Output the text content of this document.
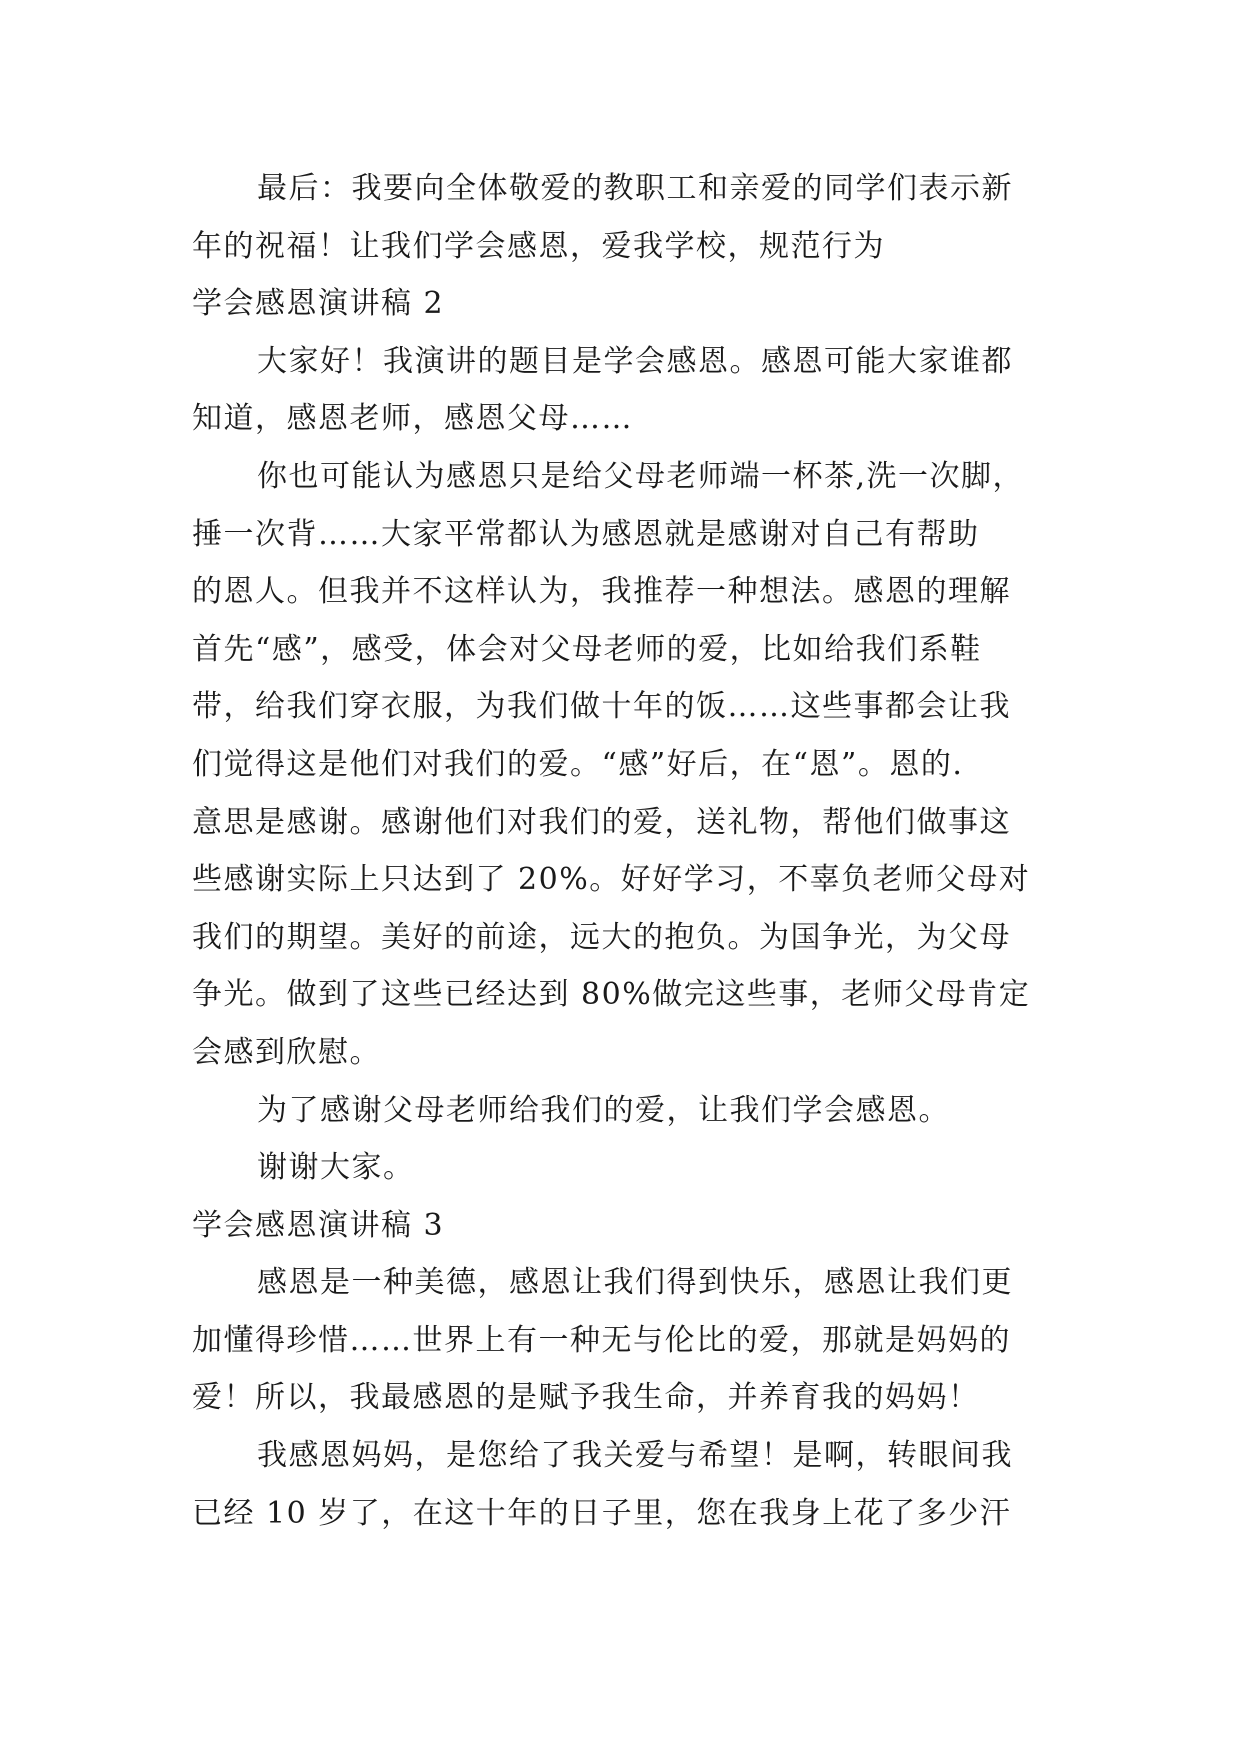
最后：我要向全体敬爱的教职工和亲爱的同学们表示新
年的祝福！让我们学会感恩，爱我学校，规范行为
学会感恩演讲稿 2
大家好！我演讲的题目是学会感恩。感恩可能大家谁都
知道，感恩老师，感恩父母……
你也可能认为感恩只是给父母老师端一杯茶,洗一次脚，
捶一次背……大家平常都认为感恩就是感谢对自己有帮助
的恩人。但我并不这样认为，我推荐一种想法。感恩的理解
首先“感”，感受，体会对父母老师的爱，比如给我们系鞋
带，给我们穿衣服，为我们做十年的饭……这些事都会让我
们觉得这是他们对我们的爱。“感”好后，在“恩”。恩的.
意思是感谢。感谢他们对我们的爱，送礼物，帮他们做事这
些感谢实际上只达到了 20%。好好学习，不辜负老师父母对
我们的期望。美好的前途，远大的抱负。为国争光，为父母
争光。做到了这些已经达到 80%做完这些事，老师父母肯定
会感到欣慰。
为了感谢父母老师给我们的爱，让我们学会感恩。
谢谢大家。
学会感恩演讲稿 3
感恩是一种美德，感恩让我们得到快乐，感恩让我们更
加懂得珍惜……世界上有一种无与伦比的爱，那就是妈妈的
爱！所以，我最感恩的是赋予我生命，并养育我的妈妈！
我感恩妈妈，是您给了我关爱与希望！是啊，转眼间我
已经 10 岁了，在这十年的日子里，您在我身上花了多少汗
